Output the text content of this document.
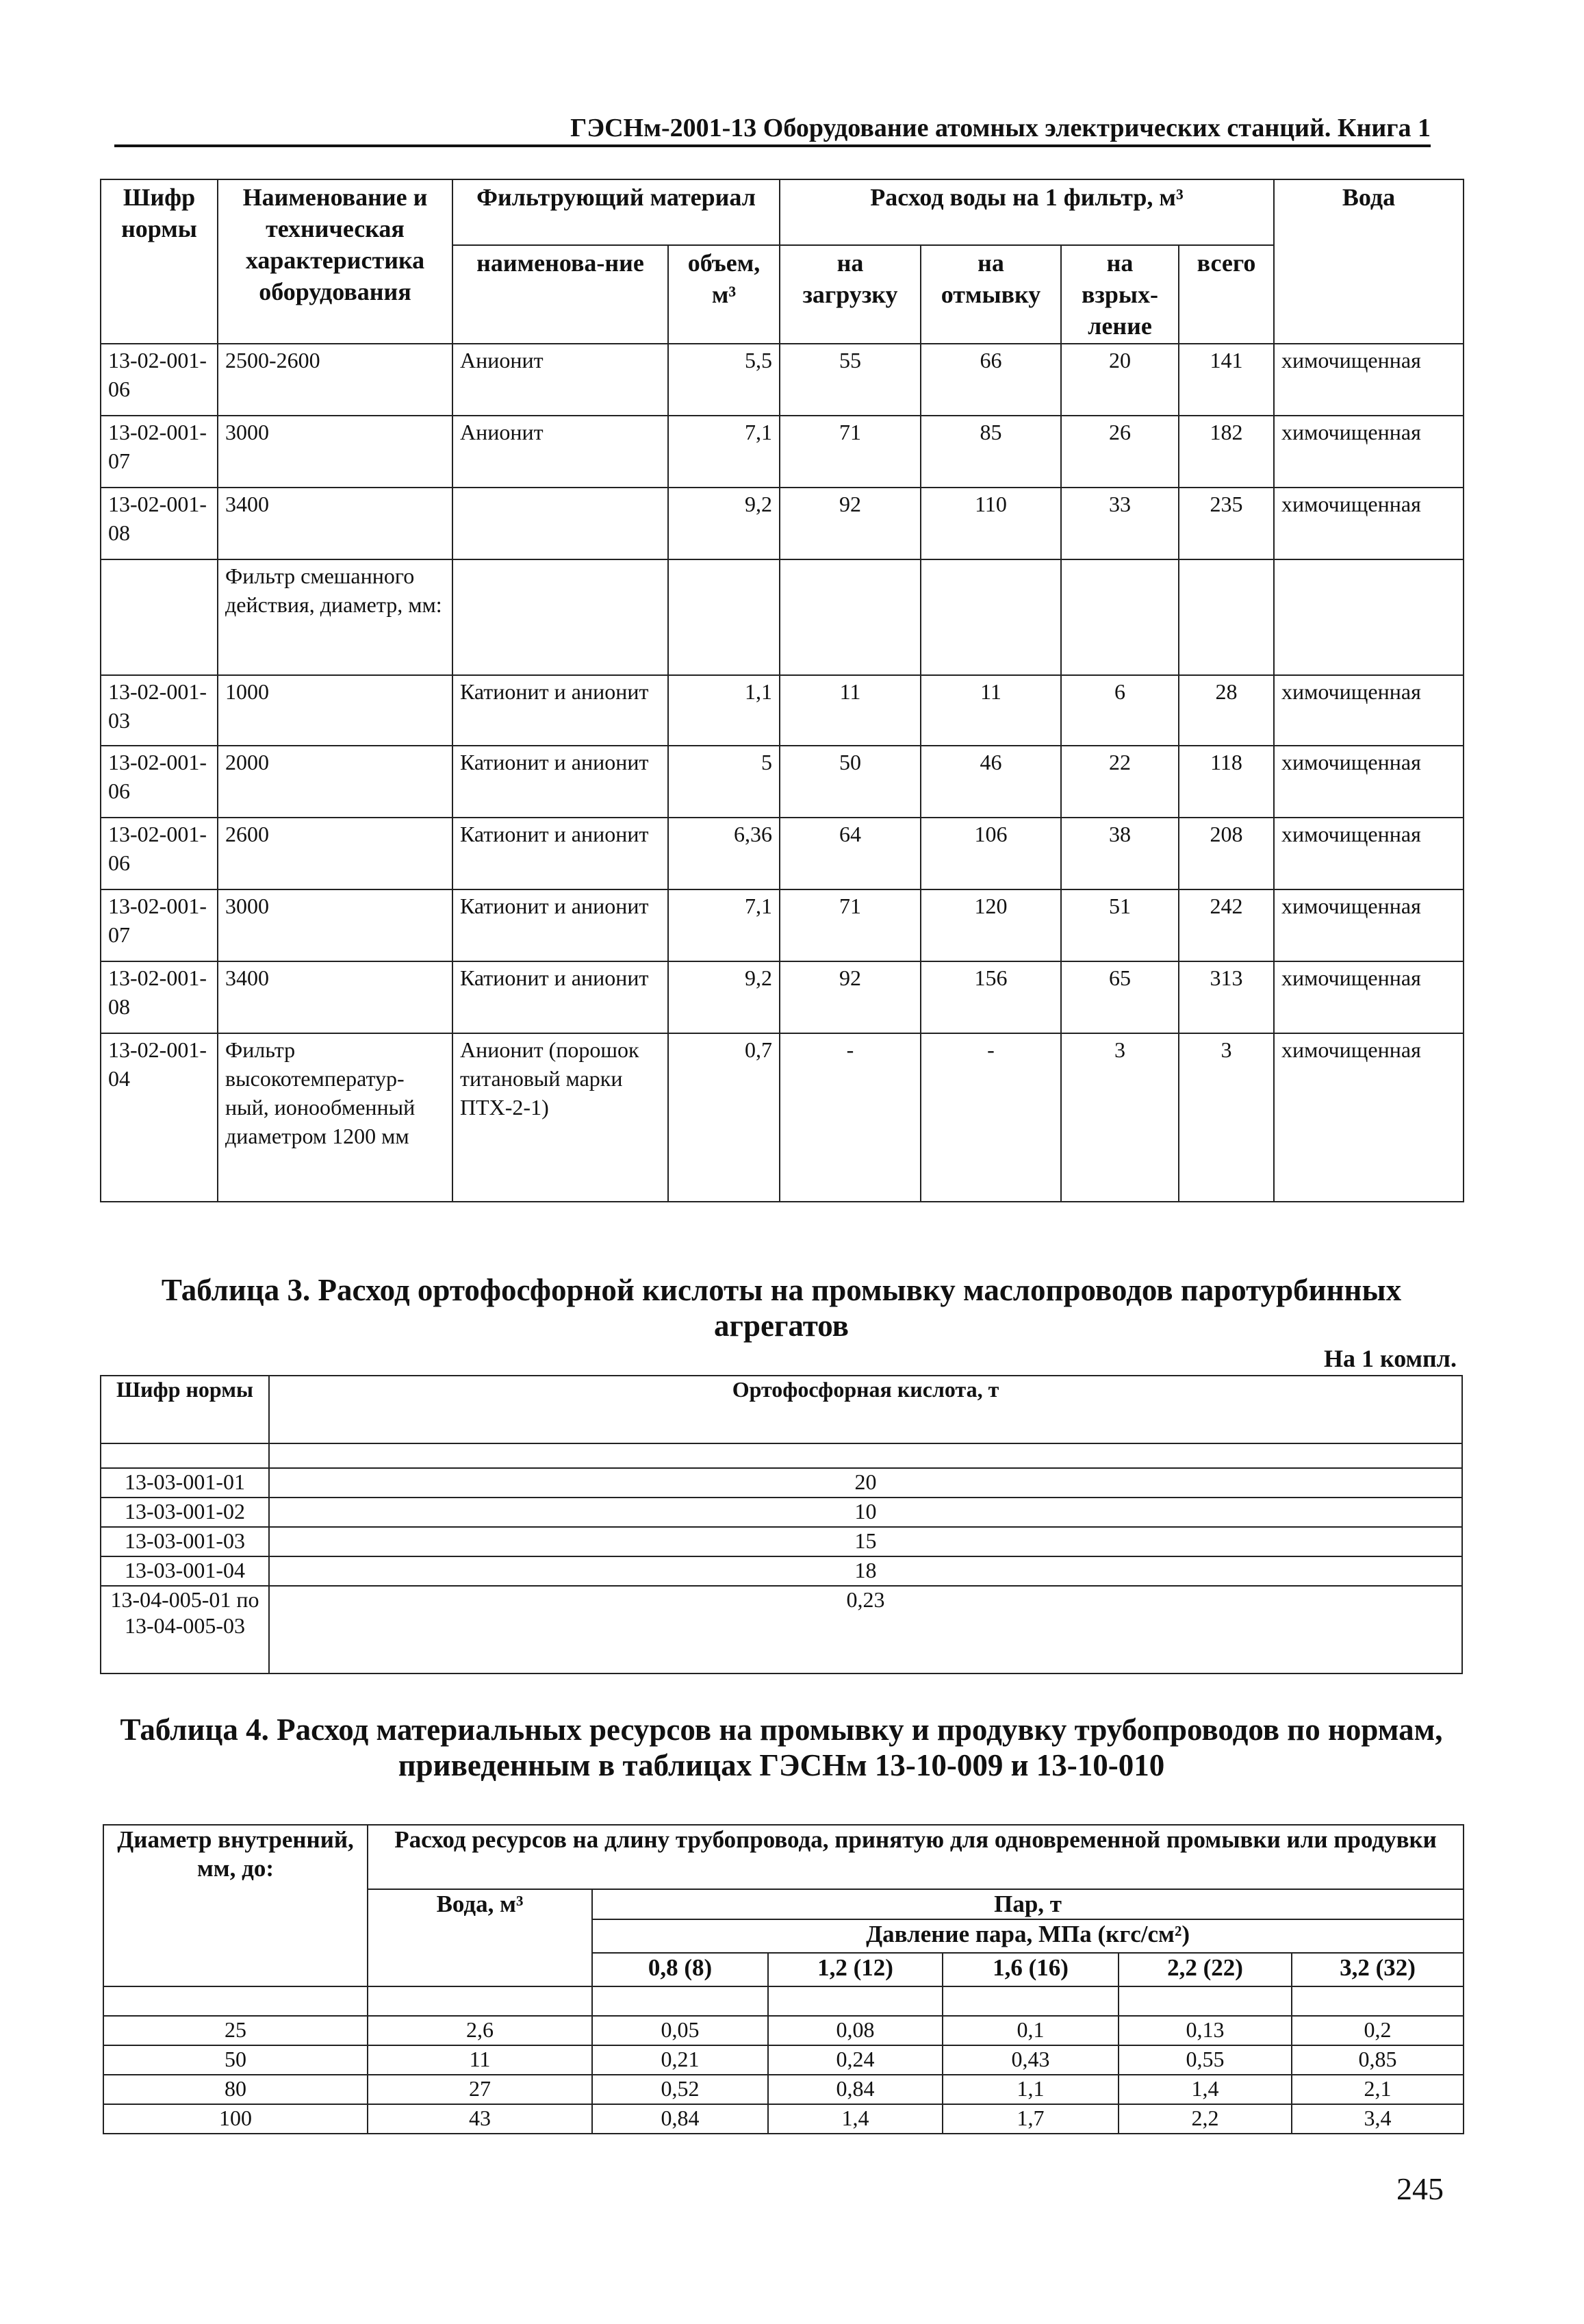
ГЭСНм-2001-13 Оборудование атомных электрических станций. Книга 1
Шифр нормы	Наименование и техническая характеристика оборудования	Фильтрующий материал		Расход воды на 1 фильтр, м³				Вода
		наименова-ние	объем, м³	на загрузку	на отмывку	на взрых-ление	всего	
13-02-001-06	2500-2600	Анионит	5,5	55	66	20	141	химочищенная
13-02-001-07	3000	Анионит	7,1	71	85	26	182	химочищенная
13-02-001-08	3400		9,2	92	110	33	235	химочищенная
	Фильтр смешанного действия, диаметр, мм:							
13-02-001-03	1000	Катионит и анионит	1,1	11	11	6	28	химочищенная
13-02-001-06	2000	Катионит и анионит	5	50	46	22	118	химочищенная
13-02-001-06	2600	Катионит и анионит	6,36	64	106	38	208	химочищенная
13-02-001-07	3000	Катионит и анионит	7,1	71	120	51	242	химочищенная
13-02-001-08	3400	Катионит и анионит	9,2	92	156	65	313	химочищенная
13-02-001-04	Фильтр высокотемператур-ный, ионообменный диаметром 1200 мм	Анионит (порошок титановый марки ПТХ-2-1)	0,7	-	-	3	3	химочищенная
Таблица 3. Расход ортофосфорной кислоты на промывку маслопроводов паротурбинных агрегатов
На 1 компл.
Шифр нормы	Ортофосфорная кислота, т

13-03-001-01	20
13-03-001-02	10
13-03-001-03	15
13-03-001-04	18
13-04-005-01 по 13-04-005-03	0,23
Таблица 4. Расход материальных ресурсов на промывку и продувку трубопроводов по нормам, приведенным в таблицах ГЭСНм 13-10-009 и 13-10-010
Диаметр внутренний, мм, до:	Расход ресурсов на длину трубопровода, принятую для одновременной промывки или продувки					
	Вода, м³	Пар, т				
		Давление пара, МПа (кгс/см²)				
		0,8 (8)	1,2 (12)	1,6 (16)	2,2 (22)	3,2 (32)

25	2,6	0,05	0,08	0,1	0,13	0,2
50	11	0,21	0,24	0,43	0,55	0,85
80	27	0,52	0,84	1,1	1,4	2,1
100	43	0,84	1,4	1,7	2,2	3,4
245
